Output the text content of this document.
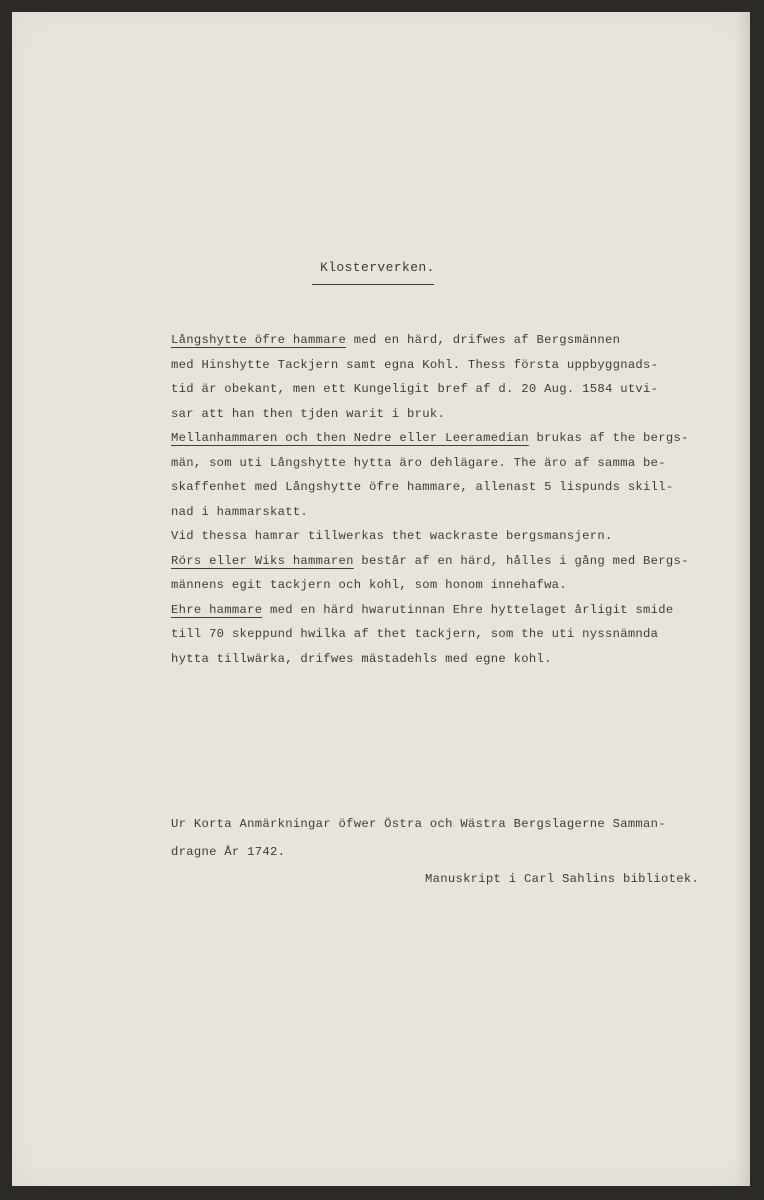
Klosterverken.
Långshytte öfre hammare med en härd, drifwes af Bergsmännen
med Hinshytte Tackjern samt egna Kohl. Thess första uppbyggnads-
tid är obekant, men ett Kungeligit bref af d. 20 Aug. 1584 utvi-
sar att han then tjden warit i bruk.
Mellanhammaren och then Nedre eller Leeramedian brukas af the bergs-
män, som uti Långshytte hytta äro dehlägare. The äro af samma be-
skaffenhet med Långshytte öfre hammare, allenast 5 lispunds skill-
nad i hammarskatt.
Vid thessa hamrar tillwerkas thet wackraste bergsmansjern.
Rörs eller Wiks hammaren består af en härd, hålles i gång med Bergs-
männens egit tackjern och kohl, som honom innehafwa.
Ehre hammare med en härd hwarutinnan Ehre hyttelaget årligit smide
till 70 skeppund hwilka af thet tackjern, som the uti nyssnämnda
hytta tillwärka, drifwes mästadehls med egne kohl.
Ur Korta Anmärkningar öfwer Östra och Wästra Bergslagerne Samman-
dragne År 1742.
Manuskript i Carl Sahlins bibliotek.
